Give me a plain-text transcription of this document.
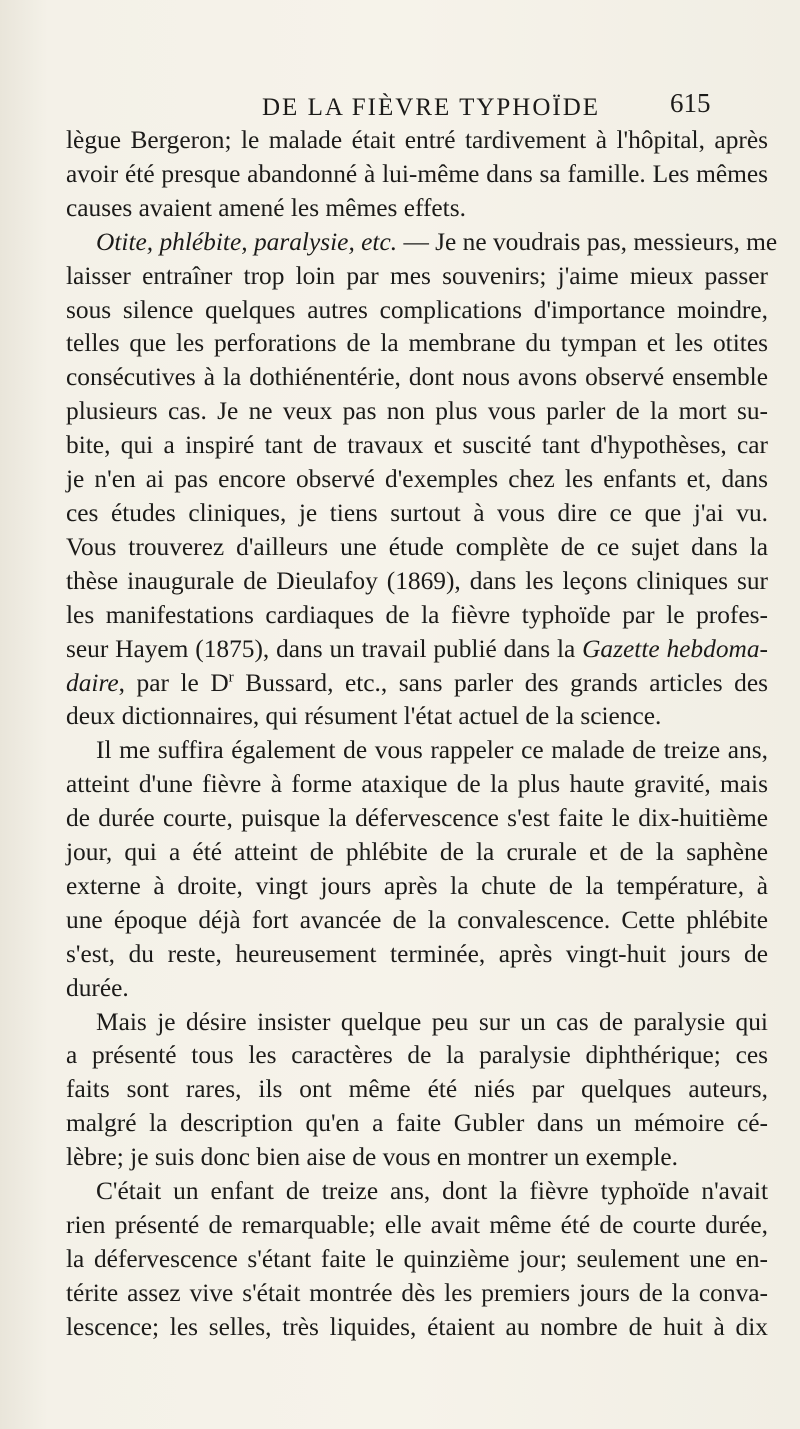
DE LA FIÈVRE TYPHOÏDE	615
lègue Bergeron; le malade était entré tardivement à l'hôpital, après
avoir été presque abandonné à lui-même dans sa famille. Les mêmes
causes avaient amené les mêmes effets.
Otite, phlébite, paralysie, etc. — Je ne voudrais pas, messieurs, me
laisser entraîner trop loin par mes souvenirs; j'aime mieux passer
sous silence quelques autres complications d'importance moindre,
telles que les perforations de la membrane du tympan et les otites
consécutives à la dothiénentérie, dont nous avons observé ensemble
plusieurs cas. Je ne veux pas non plus vous parler de la mort su-
bite, qui a inspiré tant de travaux et suscité tant d'hypothèses, car
je n'en ai pas encore observé d'exemples chez les enfants et, dans
ces études cliniques, je tiens surtout à vous dire ce que j'ai vu.
Vous trouverez d'ailleurs une étude complète de ce sujet dans la
thèse inaugurale de Dieulafoy (1869), dans les leçons cliniques sur
les manifestations cardiaques de la fièvre typhoïde par le profes-
seur Hayem (1875), dans un travail publié dans la Gazette hebdoma-
daire, par le $D^r$ Bussard, etc., sans parler des grands articles des
deux dictionnaires, qui résument l'état actuel de la science.
Il me suffira également de vous rappeler ce malade de treize ans,
atteint d'une fièvre à forme ataxique de la plus haute gravité, mais
de durée courte, puisque la défervescence s'est faite le dix-huitième
jour, qui a été atteint de phlébite de la crurale et de la saphène
externe à droite, vingt jours après la chute de la température, à
une époque déjà fort avancée de la convalescence. Cette phlébite
s'est, du reste, heureusement terminée, après vingt-huit jours de
durée.
Mais je désire insister quelque peu sur un cas de paralysie qui
a présenté tous les caractères de la paralysie diphthérique; ces
faits sont rares, ils ont même été niés par quelques auteurs,
malgré la description qu'en a faite Gubler dans un mémoire cé-
lèbre; je suis donc bien aise de vous en montrer un exemple.
C'était un enfant de treize ans, dont la fièvre typhoïde n'avait
rien présenté de remarquable; elle avait même été de courte durée,
la défervescence s'étant faite le quinzième jour; seulement une en-
térite assez vive s'était montrée dès les premiers jours de la conva-
lescence; les selles, très liquides, étaient au nombre de huit à dix
